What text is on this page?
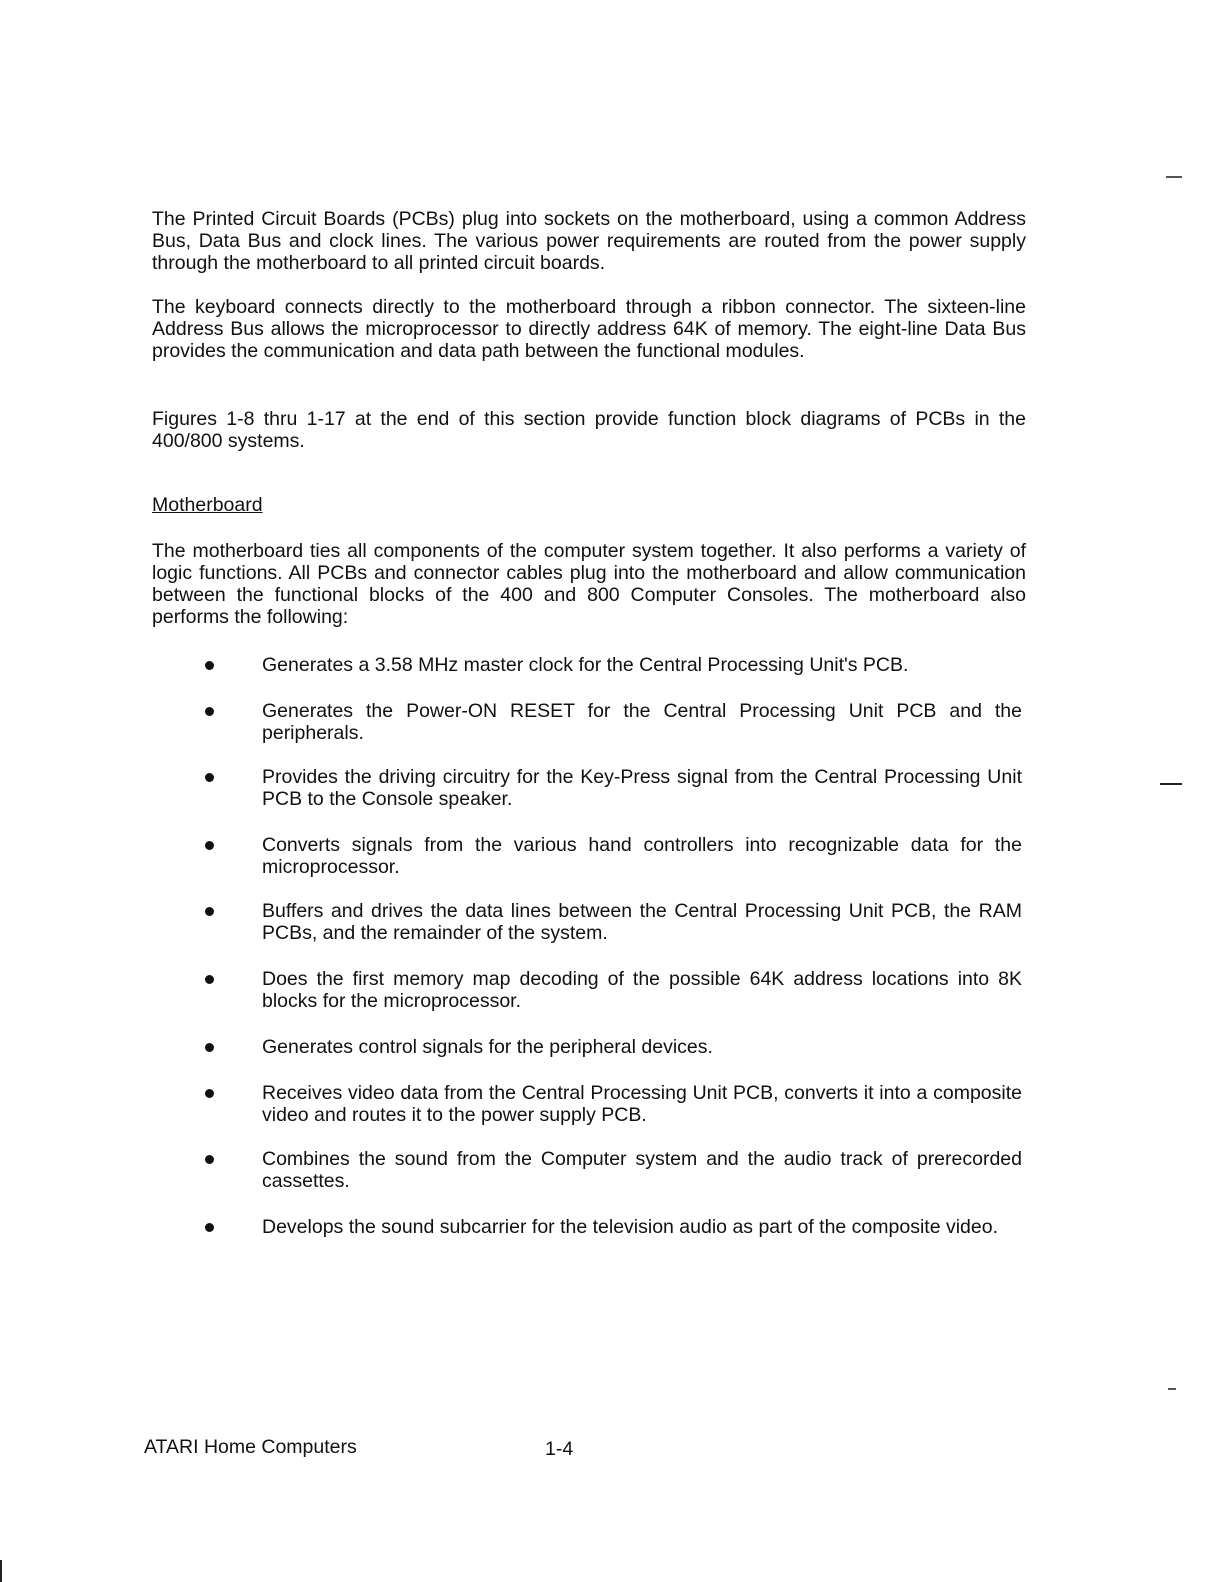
The Printed Circuit Boards (PCBs) plug into sockets on the motherboard, using a common Address Bus, Data Bus and clock lines. The various power requirements are routed from the power supply through the motherboard to all printed circuit boards.

The keyboard connects directly to the motherboard through a ribbon connector. The sixteen-line Address Bus allows the microprocessor to directly address 64K of memory. The eight-line Data Bus provides the communication and data path between the functional modules.

Figures 1-8 thru 1-17 at the end of this section provide function block diagrams of PCBs in the 400/800 systems.

Motherboard

The motherboard ties all components of the computer system together. It also performs a variety of logic functions. All PCBs and connector cables plug into the motherboard and allow communication between the functional blocks of the 400 and 800 Computer Consoles. The motherboard also performs the following:

Generates a 3.58 MHz master clock for the Central Processing Unit's PCB.

Generates the Power-ON RESET for the Central Processing Unit PCB and the peripherals.

Provides the driving circuitry for the Key-Press signal from the Central Processing Unit PCB to the Console speaker.

Converts signals from the various hand controllers into recognizable data for the microprocessor.

Buffers and drives the data lines between the Central Processing Unit PCB, the RAM PCBs, and the remainder of the system.

Does the first memory map decoding of the possible 64K address locations into 8K blocks for the microprocessor.

Generates control signals for the peripheral devices.

Receives video data from the Central Processing Unit PCB, converts it into a composite video and routes it to the power supply PCB.

Combines the sound from the Computer system and the audio track of prerecorded cassettes.

Develops the sound subcarrier for the television audio as part of the composite video.

ATARI Home Computers	1-4
